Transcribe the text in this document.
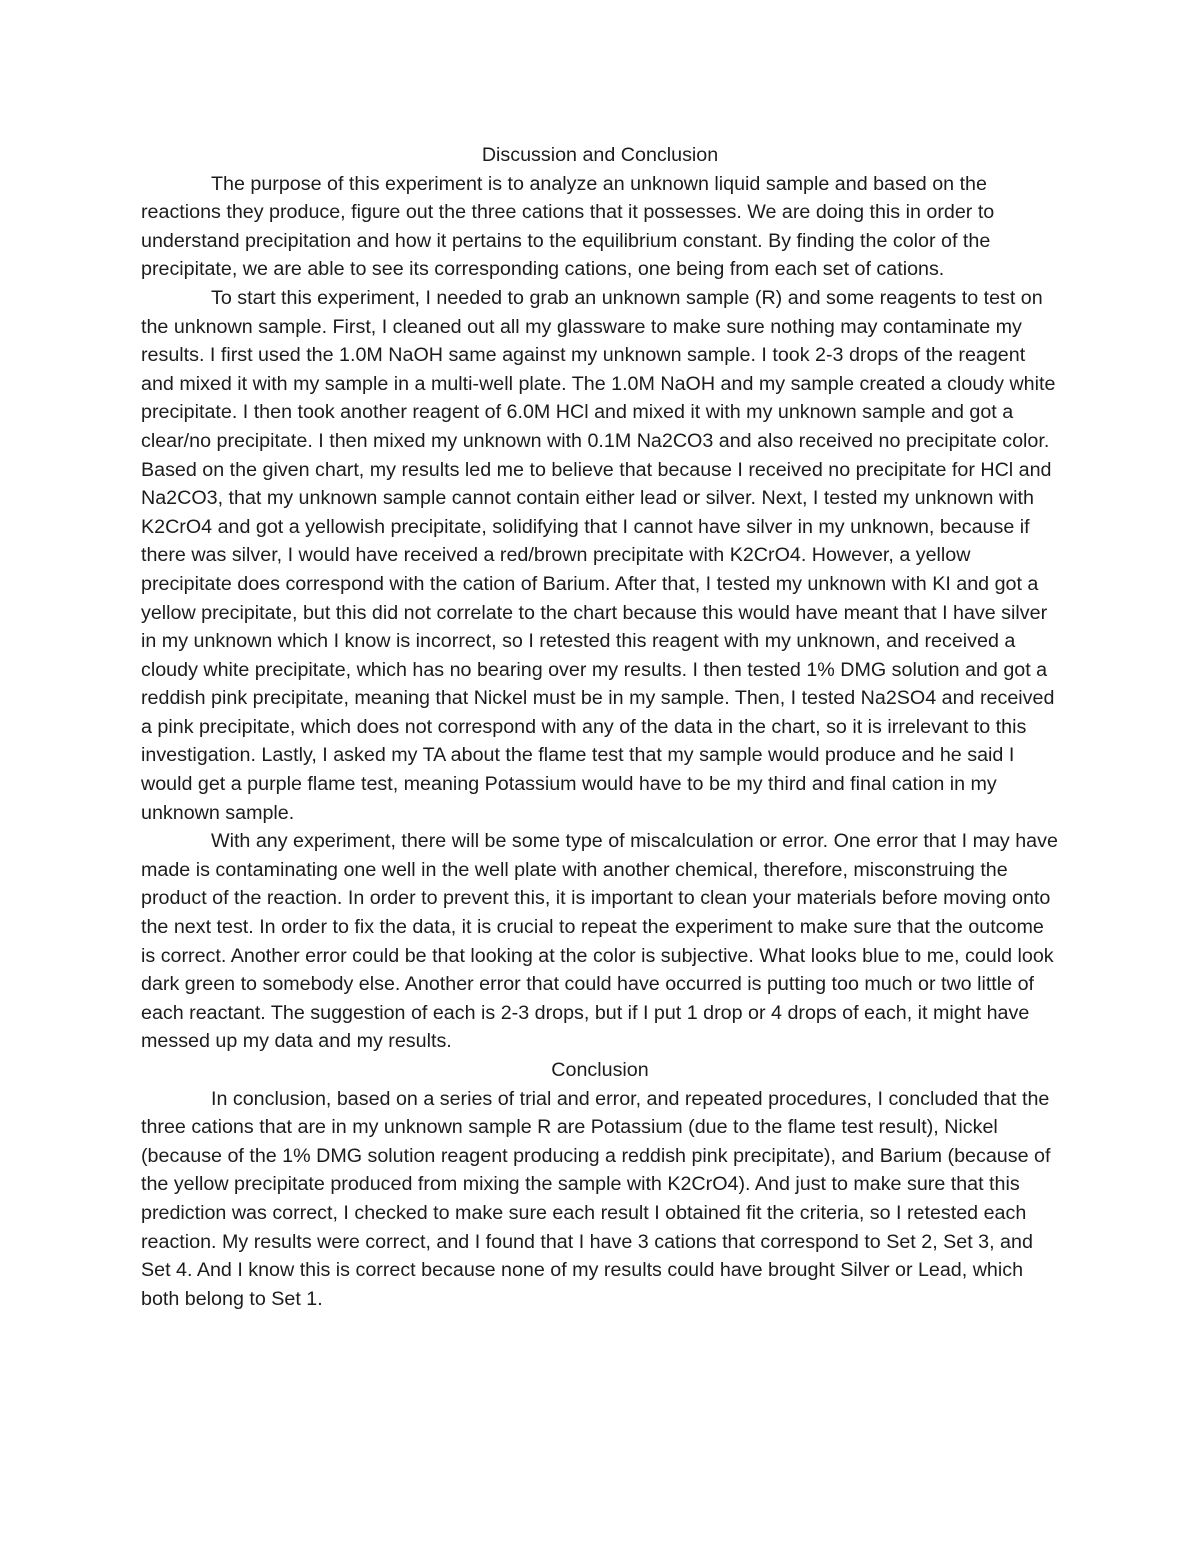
Discussion and Conclusion

The purpose of this experiment is to analyze an unknown liquid sample and based on the reactions they produce, figure out the three cations that it possesses. We are doing this in order to understand precipitation and how it pertains to the equilibrium constant. By finding the color of the precipitate, we are able to see its corresponding cations, one being from each set of cations.

To start this experiment, I needed to grab an unknown sample (R) and some reagents to test on the unknown sample. First, I cleaned out all my glassware to make sure nothing may contaminate my results. I first used the 1.0M NaOH same against my unknown sample. I took 2-3 drops of the reagent and mixed it with my sample in a multi-well plate. The 1.0M NaOH and my sample created a cloudy white precipitate. I then took another reagent of 6.0M HCl and mixed it with my unknown sample and got a clear/no precipitate. I then mixed my unknown with 0.1M Na2CO3 and also received no precipitate color. Based on the given chart, my results led me to believe that because I received no precipitate for HCl and Na2CO3, that my unknown sample cannot contain either lead or silver. Next, I tested my unknown with K2CrO4 and got a yellowish precipitate, solidifying that I cannot have silver in my unknown, because if there was silver, I would have received a red/brown precipitate with K2CrO4. However, a yellow precipitate does correspond with the cation of Barium. After that, I tested my unknown with KI and got a yellow precipitate, but this did not correlate to the chart because this would have meant that I have silver in my unknown which I know is incorrect, so I retested this reagent with my unknown, and received a cloudy white precipitate, which has no bearing over my results. I then tested 1% DMG solution and got a reddish pink precipitate, meaning that Nickel must be in my sample. Then, I tested Na2SO4 and received a pink precipitate, which does not correspond with any of the data in the chart, so it is irrelevant to this investigation. Lastly, I asked my TA about the flame test that my sample would produce and he said I would get a purple flame test, meaning Potassium would have to be my third and final cation in my unknown sample.

With any experiment, there will be some type of miscalculation or error. One error that I may have made is contaminating one well in the well plate with another chemical, therefore, misconstruing the product of the reaction. In order to prevent this, it is important to clean your materials before moving onto the next test. In order to fix the data, it is crucial to repeat the experiment to make sure that the outcome is correct. Another error could be that looking at the color is subjective. What looks blue to me, could look dark green to somebody else. Another error that could have occurred is putting too much or two little of each reactant. The suggestion of each is 2-3 drops, but if I put 1 drop or 4 drops of each, it might have messed up my data and my results.

Conclusion

In conclusion, based on a series of trial and error, and repeated procedures, I concluded that the three cations that are in my unknown sample R are Potassium (due to the flame test result), Nickel (because of the 1% DMG solution reagent producing a reddish pink precipitate), and Barium (because of the yellow precipitate produced from mixing the sample with K2CrO4). And just to make sure that this prediction was correct, I checked to make sure each result I obtained fit the criteria, so I retested each reaction. My results were correct, and I found that I have 3 cations that correspond to Set 2, Set 3, and Set 4. And I know this is correct because none of my results could have brought Silver or Lead, which both belong to Set 1.
